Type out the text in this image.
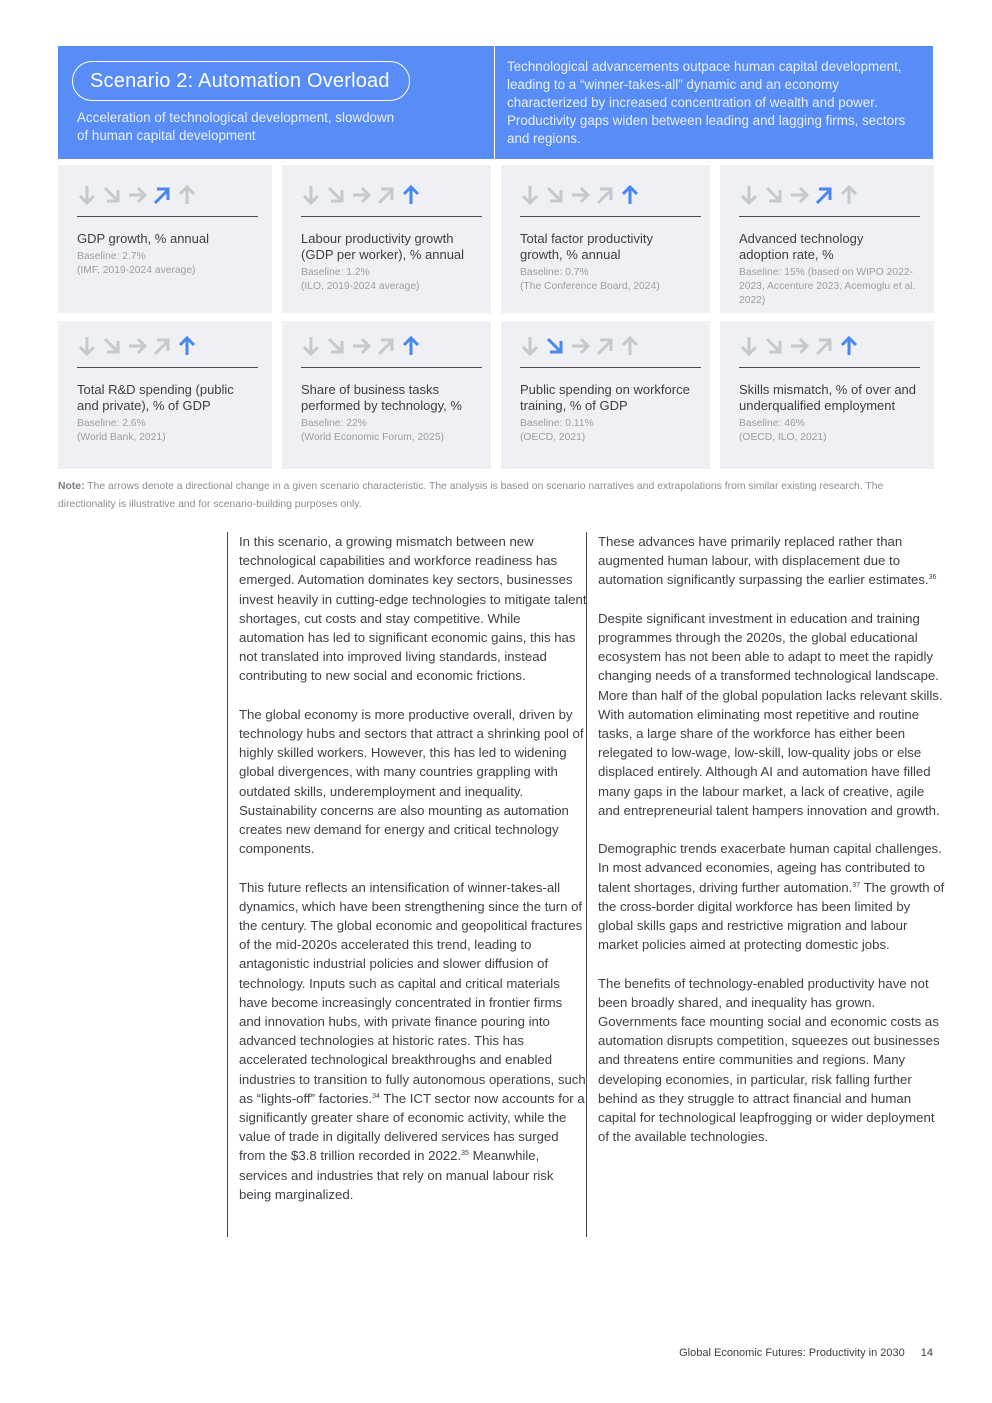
Scenario 2: Automation Overload
Acceleration of technological development, slowdown of human capital development
Technological advancements outpace human capital development, leading to a “winner-takes-all” dynamic and an economy characterized by increased concentration of wealth and power. Productivity gaps widen between leading and lagging firms, sectors and regions.
GDP growth, % annual
Baseline: 2.7%
(IMF, 2019-2024 average)
Labour productivity growth (GDP per worker), % annual
Baseline: 1.2%
(ILO, 2019-2024 average)
Total factor productivity growth, % annual
Baseline: 0.7%
(The Conference Board, 2024)
Advanced technology adoption rate, %
Baseline: 15% (based on WIPO 2022-2023, Accenture 2023, Acemoglu et al. 2022)
Total R&D spending (public and private), % of GDP
Baseline: 2.6%
(World Bank, 2021)
Share of business tasks performed by technology, %
Baseline: 22%
(World Economic Forum, 2025)
Public spending on workforce training, % of GDP
Baseline: 0.11%
(OECD, 2021)
Skills mismatch, % of over and underqualified employment
Baseline: 46%
(OECD, ILO, 2021)
Note: The arrows denote a directional change in a given scenario characteristic. The analysis is based on scenario narratives and extrapolations from similar existing research. The directionality is illustrative and for scenario-building purposes only.

In this scenario, a growing mismatch between new technological capabilities and workforce readiness has emerged. Automation dominates key sectors, businesses invest heavily in cutting-edge technologies to mitigate talent shortages, cut costs and stay competitive. While automation has led to significant economic gains, this has not translated into improved living standards, instead contributing to new social and economic frictions.

The global economy is more productive overall, driven by technology hubs and sectors that attract a shrinking pool of highly skilled workers. However, this has led to widening global divergences, with many countries grappling with outdated skills, underemployment and inequality. Sustainability concerns are also mounting as automation creates new demand for energy and critical technology components.

This future reflects an intensification of winner-takes-all dynamics, which have been strengthening since the turn of the century. The global economic and geopolitical fractures of the mid-2020s accelerated this trend, leading to antagonistic industrial policies and slower diffusion of technology. Inputs such as capital and critical materials have become increasingly concentrated in frontier firms and innovation hubs, with private finance pouring into advanced technologies at historic rates. This has accelerated technological breakthroughs and enabled industries to transition to fully autonomous operations, such as “lights-off” factories.$^{34}$ The ICT sector now accounts for a significantly greater share of economic activity, while the value of trade in digitally delivered services has surged from the $3.8 trillion recorded in 2022.35 Meanwhile, services and industries that rely on manual labour risk being marginalized.

These advances have primarily replaced rather than augmented human labour, with displacement due to automation significantly surpassing the earlier estimates.$^{36}$

Despite significant investment in education and training programmes through the 2020s, the global educational ecosystem has not been able to adapt to meet the rapidly changing needs of a transformed technological landscape. More than half of the global population lacks relevant skills. With automation eliminating most repetitive and routine tasks, a large share of the workforce has either been relegated to low-wage, low-skill, low-quality jobs or else displaced entirely. Although AI and automation have filled many gaps in the labour market, a lack of creative, agile and entrepreneurial talent hampers innovation and growth.

Demographic trends exacerbate human capital challenges. In most advanced economies, ageing has contributed to talent shortages, driving further automation.$^{37}$ The growth of the cross-border digital workforce has been limited by global skills gaps and restrictive migration and labour market policies aimed at protecting domestic jobs.

The benefits of technology-enabled productivity have not been broadly shared, and inequality has grown. Governments face mounting social and economic costs as automation disrupts competition, squeezes out businesses and threatens entire communities and regions. Many developing economies, in particular, risk falling further behind as they struggle to attract financial and human capital for technological leapfrogging or wider deployment of the available technologies.

Global Economic Futures: Productivity in 2030 14
